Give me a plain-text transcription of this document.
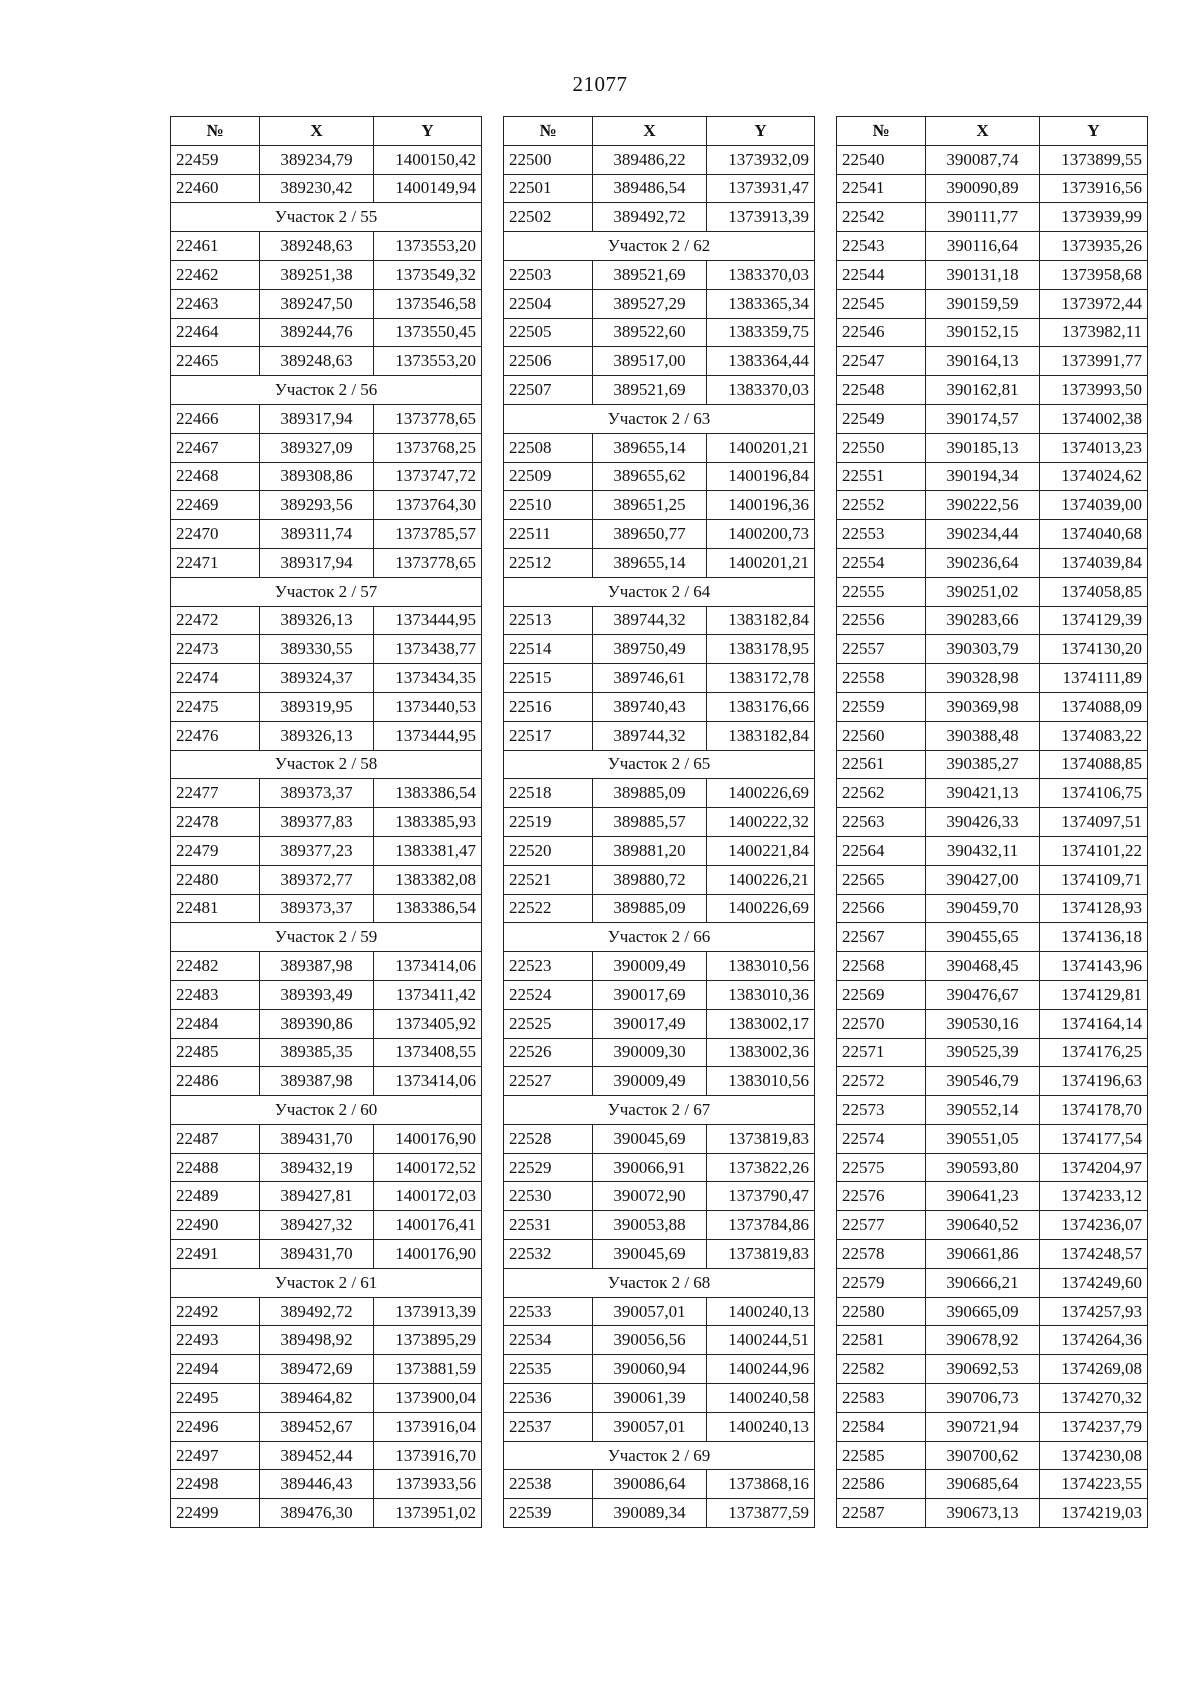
21077
№	X	Y
22459	389234,79	1400150,42
22460	389230,42	1400149,94
Участок 2 / 55		
22461	389248,63	1373553,20
22462	389251,38	1373549,32
22463	389247,50	1373546,58
22464	389244,76	1373550,45
22465	389248,63	1373553,20
Участок 2 / 56		
22466	389317,94	1373778,65
22467	389327,09	1373768,25
22468	389308,86	1373747,72
22469	389293,56	1373764,30
22470	389311,74	1373785,57
22471	389317,94	1373778,65
Участок 2 / 57		
22472	389326,13	1373444,95
22473	389330,55	1373438,77
22474	389324,37	1373434,35
22475	389319,95	1373440,53
22476	389326,13	1373444,95
Участок 2 / 58		
22477	389373,37	1383386,54
22478	389377,83	1383385,93
22479	389377,23	1383381,47
22480	389372,77	1383382,08
22481	389373,37	1383386,54
Участок 2 / 59		
22482	389387,98	1373414,06
22483	389393,49	1373411,42
22484	389390,86	1373405,92
22485	389385,35	1373408,55
22486	389387,98	1373414,06
Участок 2 / 60		
22487	389431,70	1400176,90
22488	389432,19	1400172,52
22489	389427,81	1400172,03
22490	389427,32	1400176,41
22491	389431,70	1400176,90
Участок 2 / 61		
22492	389492,72	1373913,39
22493	389498,92	1373895,29
22494	389472,69	1373881,59
22495	389464,82	1373900,04
22496	389452,67	1373916,04
22497	389452,44	1373916,70
22498	389446,43	1373933,56
22499	389476,30	1373951,02
№	X	Y
22500	389486,22	1373932,09
22501	389486,54	1373931,47
22502	389492,72	1373913,39
Участок 2 / 62		
22503	389521,69	1383370,03
22504	389527,29	1383365,34
22505	389522,60	1383359,75
22506	389517,00	1383364,44
22507	389521,69	1383370,03
Участок 2 / 63		
22508	389655,14	1400201,21
22509	389655,62	1400196,84
22510	389651,25	1400196,36
22511	389650,77	1400200,73
22512	389655,14	1400201,21
Участок 2 / 64		
22513	389744,32	1383182,84
22514	389750,49	1383178,95
22515	389746,61	1383172,78
22516	389740,43	1383176,66
22517	389744,32	1383182,84
Участок 2 / 65		
22518	389885,09	1400226,69
22519	389885,57	1400222,32
22520	389881,20	1400221,84
22521	389880,72	1400226,21
22522	389885,09	1400226,69
Участок 2 / 66		
22523	390009,49	1383010,56
22524	390017,69	1383010,36
22525	390017,49	1383002,17
22526	390009,30	1383002,36
22527	390009,49	1383010,56
Участок 2 / 67		
22528	390045,69	1373819,83
22529	390066,91	1373822,26
22530	390072,90	1373790,47
22531	390053,88	1373784,86
22532	390045,69	1373819,83
Участок 2 / 68		
22533	390057,01	1400240,13
22534	390056,56	1400244,51
22535	390060,94	1400244,96
22536	390061,39	1400240,58
22537	390057,01	1400240,13
Участок 2 / 69		
22538	390086,64	1373868,16
22539	390089,34	1373877,59
№	X	Y
22540	390087,74	1373899,55
22541	390090,89	1373916,56
22542	390111,77	1373939,99
22543	390116,64	1373935,26
22544	390131,18	1373958,68
22545	390159,59	1373972,44
22546	390152,15	1373982,11
22547	390164,13	1373991,77
22548	390162,81	1373993,50
22549	390174,57	1374002,38
22550	390185,13	1374013,23
22551	390194,34	1374024,62
22552	390222,56	1374039,00
22553	390234,44	1374040,68
22554	390236,64	1374039,84
22555	390251,02	1374058,85
22556	390283,66	1374129,39
22557	390303,79	1374130,20
22558	390328,98	1374111,89
22559	390369,98	1374088,09
22560	390388,48	1374083,22
22561	390385,27	1374088,85
22562	390421,13	1374106,75
22563	390426,33	1374097,51
22564	390432,11	1374101,22
22565	390427,00	1374109,71
22566	390459,70	1374128,93
22567	390455,65	1374136,18
22568	390468,45	1374143,96
22569	390476,67	1374129,81
22570	390530,16	1374164,14
22571	390525,39	1374176,25
22572	390546,79	1374196,63
22573	390552,14	1374178,70
22574	390551,05	1374177,54
22575	390593,80	1374204,97
22576	390641,23	1374233,12
22577	390640,52	1374236,07
22578	390661,86	1374248,57
22579	390666,21	1374249,60
22580	390665,09	1374257,93
22581	390678,92	1374264,36
22582	390692,53	1374269,08
22583	390706,73	1374270,32
22584	390721,94	1374237,79
22585	390700,62	1374230,08
22586	390685,64	1374223,55
22587	390673,13	1374219,03
